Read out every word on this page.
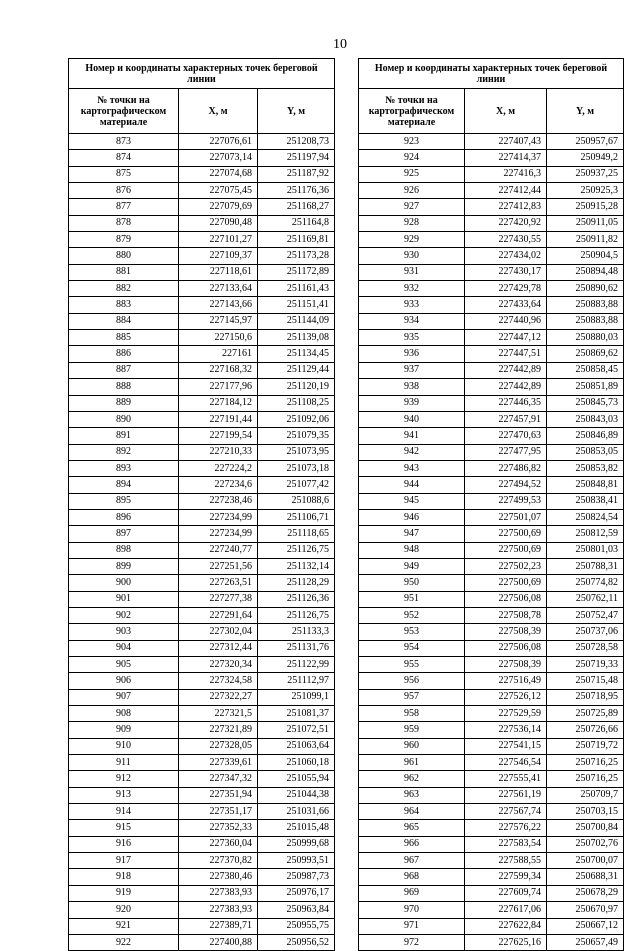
10
Номер и координаты характерных точек береговой линии		
№ точки на картографическом материале	X, м	Y, м
873	227076,61	251208,73
874	227073,14	251197,94
875	227074,68	251187,92
876	227075,45	251176,36
877	227079,69	251168,27
878	227090,48	251164,8
879	227101,27	251169,81
880	227109,37	251173,28
881	227118,61	251172,89
882	227133,64	251161,43
883	227143,66	251151,41
884	227145,97	251144,09
885	227150,6	251139,08
886	227161	251134,45
887	227168,32	251129,44
888	227177,96	251120,19
889	227184,12	251108,25
890	227191,44	251092,06
891	227199,54	251079,35
892	227210,33	251073,95
893	227224,2	251073,18
894	227234,6	251077,42
895	227238,46	251088,6
896	227234,99	251106,71
897	227234,99	251118,65
898	227240,77	251126,75
899	227251,56	251132,14
900	227263,51	251128,29
901	227277,38	251126,36
902	227291,64	251126,75
903	227302,04	251133,3
904	227312,44	251131,76
905	227320,34	251122,99
906	227324,58	251112,97
907	227322,27	251099,1
908	227321,5	251081,37
909	227321,89	251072,51
910	227328,05	251063,64
911	227339,61	251060,18
912	227347,32	251055,94
913	227351,94	251044,38
914	227351,17	251031,66
915	227352,33	251015,48
916	227360,04	250999,68
917	227370,82	250993,51
918	227380,46	250987,73
919	227383,93	250976,17
920	227383,93	250963,84
921	227389,71	250955,75
922	227400,88	250956,52
Номер и координаты характерных точек береговой линии		
№ точки на картографическом материале	X, м	Y, м
923	227407,43	250957,67
924	227414,37	250949,2
925	227416,3	250937,25
926	227412,44	250925,3
927	227412,83	250915,28
928	227420,92	250911,05
929	227430,55	250911,82
930	227434,02	250904,5
931	227430,17	250894,48
932	227429,78	250890,62
933	227433,64	250883,88
934	227440,96	250883,88
935	227447,12	250880,03
936	227447,51	250869,62
937	227442,89	250858,45
938	227442,89	250851,89
939	227446,35	250845,73
940	227457,91	250843,03
941	227470,63	250846,89
942	227477,95	250853,05
943	227486,82	250853,82
944	227494,52	250848,81
945	227499,53	250838,41
946	227501,07	250824,54
947	227500,69	250812,59
948	227500,69	250801,03
949	227502,23	250788,31
950	227500,69	250774,82
951	227506,08	250762,11
952	227508,78	250752,47
953	227508,39	250737,06
954	227506,08	250728,58
955	227508,39	250719,33
956	227516,49	250715,48
957	227526,12	250718,95
958	227529,59	250725,89
959	227536,14	250726,66
960	227541,15	250719,72
961	227546,54	250716,25
962	227555,41	250716,25
963	227561,19	250709,7
964	227567,74	250703,15
965	227576,22	250700,84
966	227583,54	250702,76
967	227588,55	250700,07
968	227599,34	250688,31
969	227609,74	250678,29
970	227617,06	250670,97
971	227622,84	250667,12
972	227625,16	250657,49
